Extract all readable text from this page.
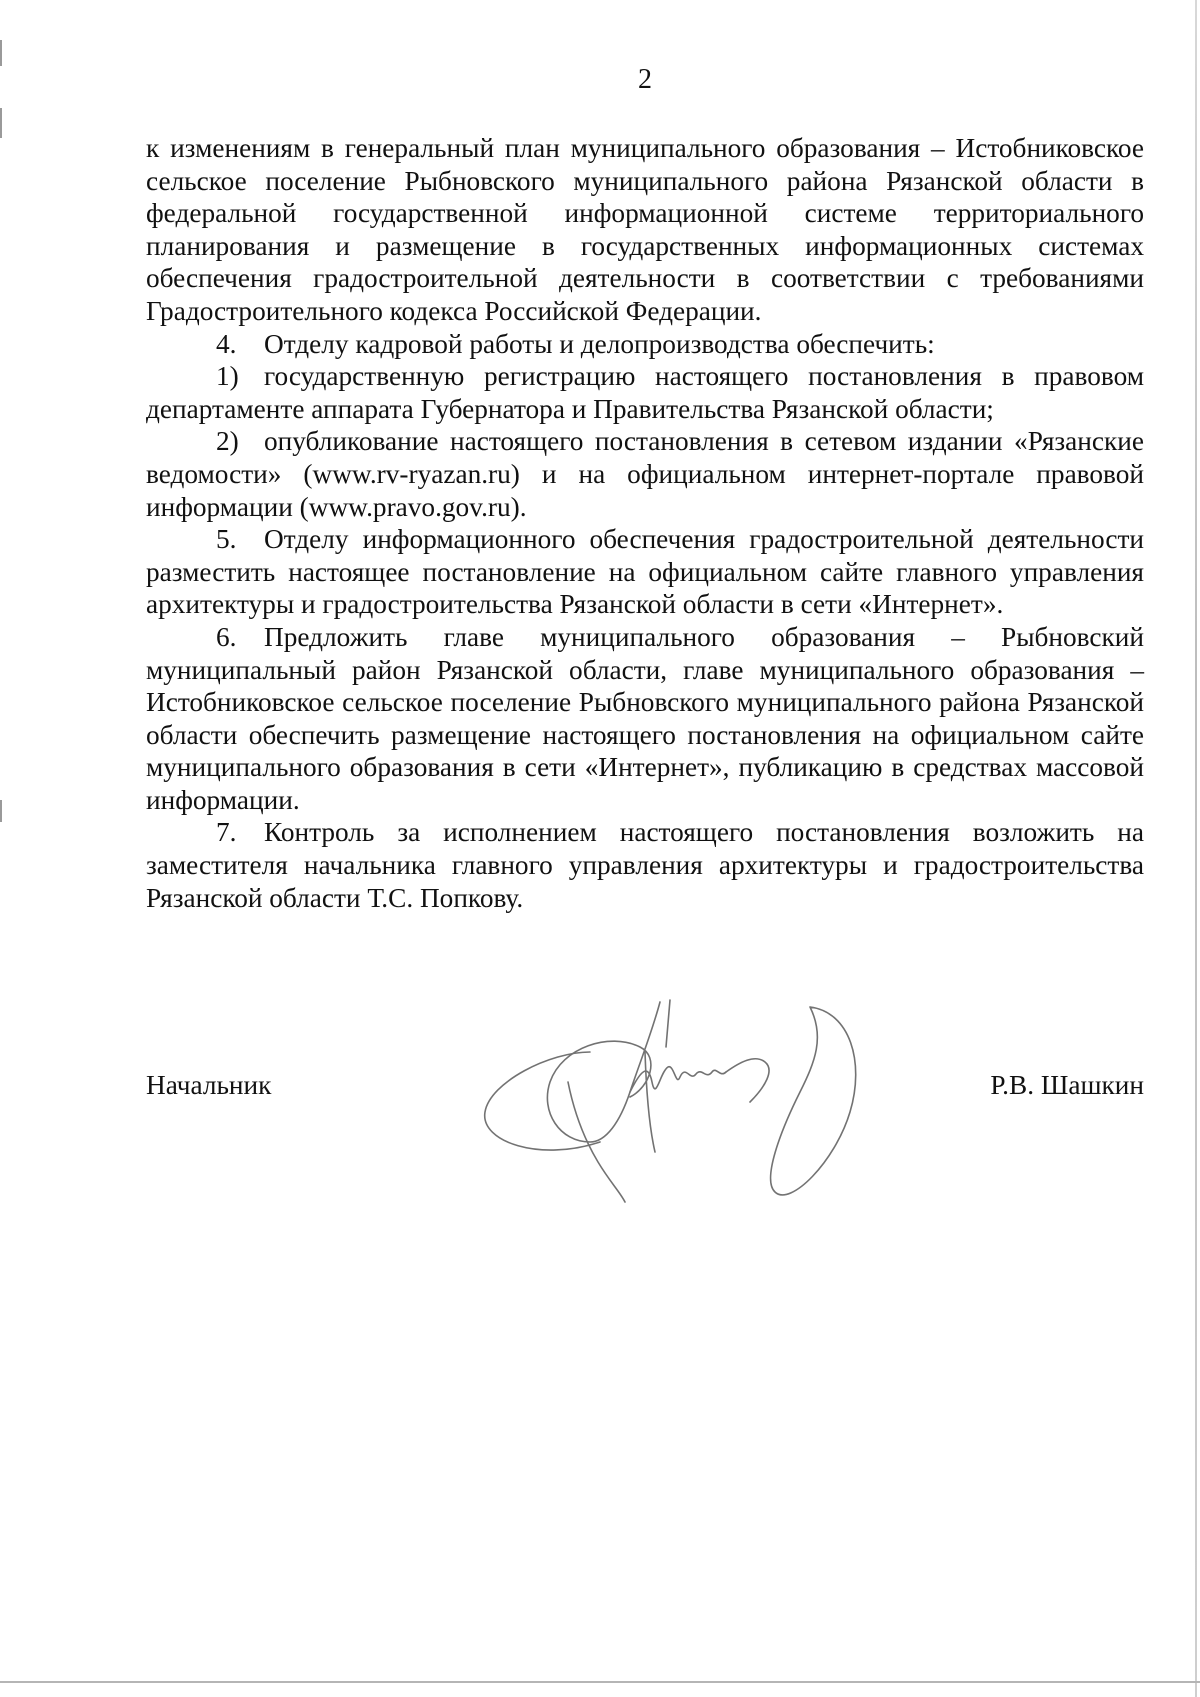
2

к изменениям в генеральный план муниципального образования – Истобниковское сельское поселение Рыбновского муниципального района Рязанской области в федеральной государственной информационной системе территориального планирования и размещение в государственных информационных системах обеспечения градостроительной деятельности в соответствии с требованиями Градостроительного кодекса Российской Федерации.

4. Отделу кадровой работы и делопроизводства обеспечить:

1) государственную регистрацию настоящего постановления в правовом департаменте аппарата Губернатора и Правительства Рязанской области;

2) опубликование настоящего постановления в сетевом издании «Рязанские ведомости» (www.rv-ryazan.ru) и на официальном интернет-портале правовой информации (www.pravo.gov.ru).

5. Отделу информационного обеспечения градостроительной деятельности разместить настоящее постановление на официальном сайте главного управления архитектуры и градостроительства Рязанской области в сети «Интернет».

6. Предложить главе муниципального образования – Рыбновский муниципальный район Рязанской области, главе муниципального образования – Истобниковское сельское поселение Рыбновского муниципального района Рязанской области обеспечить размещение настоящего постановления на официальном сайте муниципального образования в сети «Интернет», публикацию в средствах массовой информации.

7. Контроль за исполнением настоящего постановления возложить на заместителя начальника главного управления архитектуры и градостроительства Рязанской области Т.С. Попкову.

Начальник	Р.В. Шашкин
